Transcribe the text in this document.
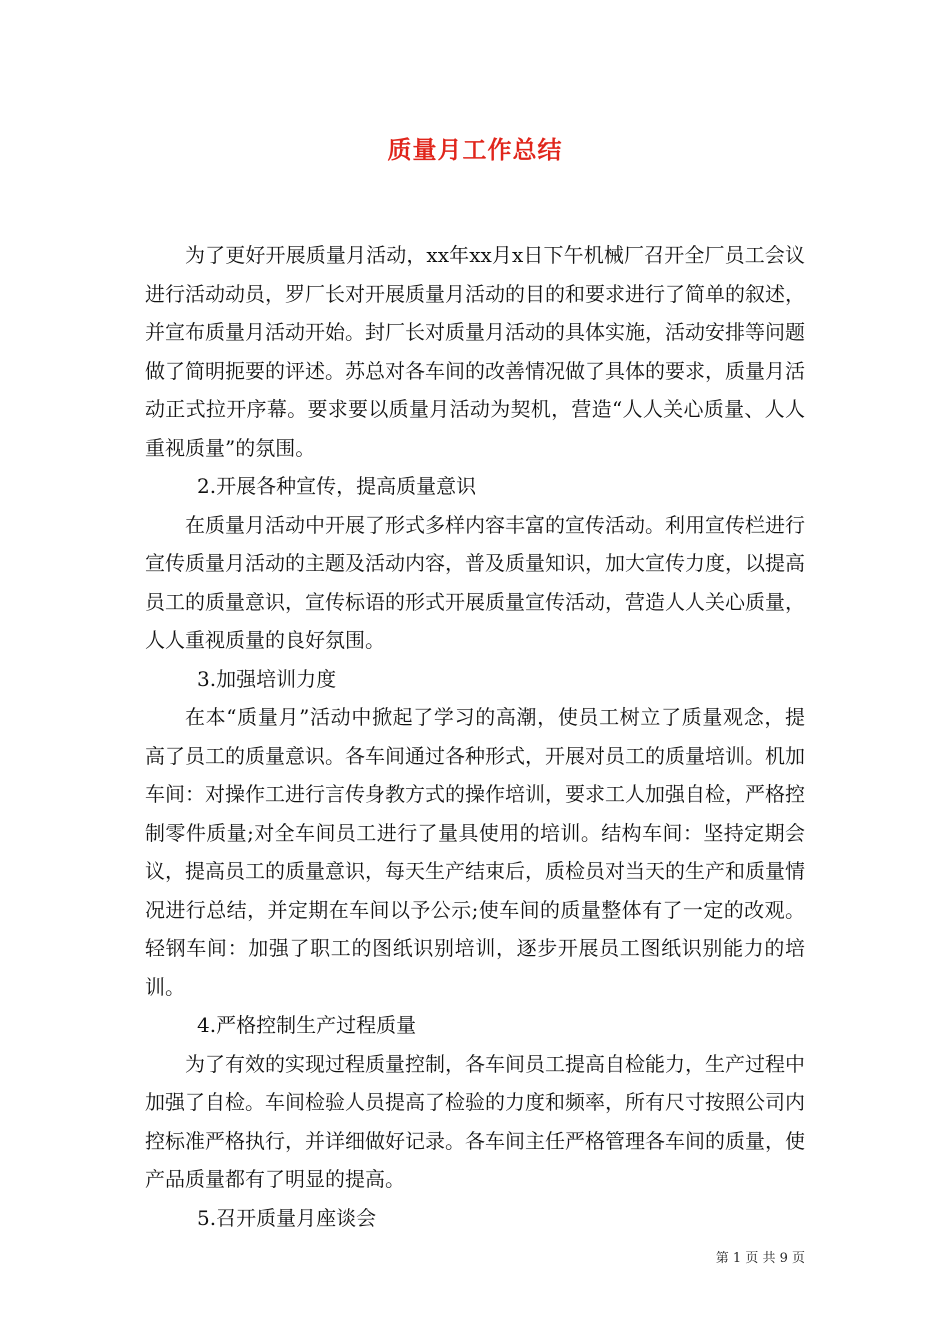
质量月工作总结

为了更好开展质量月活动，xx年xx月x日下午机械厂召开全厂员工会议进行活动动员，罗厂长对开展质量月活动的目的和要求进行了简单的叙述，并宣布质量月活动开始。封厂长对质量月活动的具体实施，活动安排等问题做了简明扼要的评述。苏总对各车间的改善情况做了具体的要求，质量月活动正式拉开序幕。要求要以质量月活动为契机，营造“人人关心质量、人人重视质量”的氛围。

2.开展各种宣传，提高质量意识

在质量月活动中开展了形式多样内容丰富的宣传活动。利用宣传栏进行宣传质量月活动的主题及活动内容，普及质量知识，加大宣传力度，以提高员工的质量意识，宣传标语的形式开展质量宣传活动，营造人人关心质量，人人重视质量的良好氛围。

3.加强培训力度

在本“质量月”活动中掀起了学习的高潮，使员工树立了质量观念，提高了员工的质量意识。各车间通过各种形式，开展对员工的质量培训。机加车间：对操作工进行言传身教方式的操作培训，要求工人加强自检，严格控制零件质量;对全车间员工进行了量具使用的培训。结构车间：坚持定期会议，提高员工的质量意识，每天生产结束后，质检员对当天的生产和质量情况进行总结，并定期在车间以予公示;使车间的质量整体有了一定的改观。轻钢车间：加强了职工的图纸识别培训，逐步开展员工图纸识别能力的培训。

4.严格控制生产过程质量

为了有效的实现过程质量控制，各车间员工提高自检能力，生产过程中加强了自检。车间检验人员提高了检验的力度和频率，所有尺寸按照公司内控标准严格执行，并详细做好记录。各车间主任严格管理各车间的质量，使产品质量都有了明显的提高。

5.召开质量月座谈会

第 1 页 共 9 页
